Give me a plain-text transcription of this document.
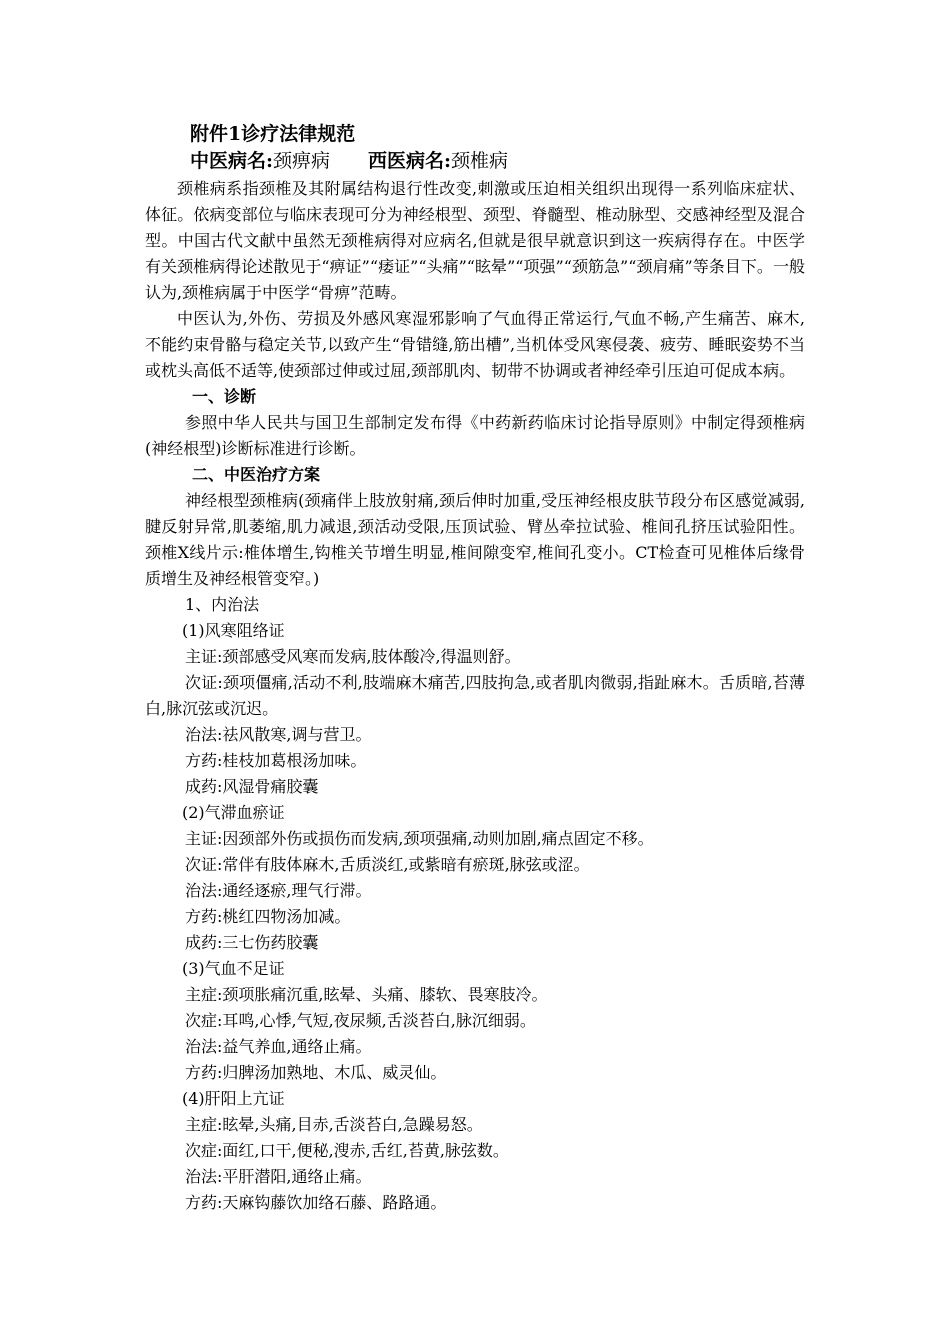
附件1诊疗法律规范
中医病名:颈痹病 西医病名:颈椎病

颈椎病系指颈椎及其附属结构退行性改变,刺激或压迫相关组织出现得一系列临床症状、体征。依病变部位与临床表现可分为神经根型、颈型、脊髓型、椎动脉型、交感神经型及混合型。中国古代文献中虽然无颈椎病得对应病名,但就是很早就意识到这一疾病得存在。中医学有关颈椎病得论述散见于“痹证”“痿证”“头痛”“眩晕”“项强”“颈筋急”“颈肩痛”等条目下。一般认为,颈椎病属于中医学“骨痹”范畴。

中医认为,外伤、劳损及外感风寒湿邪影响了气血得正常运行,气血不畅,产生痛苦、麻木,不能约束骨骼与稳定关节,以致产生“骨错缝,筋出槽”,当机体受风寒侵袭、疲劳、睡眠姿势不当或枕头高低不适等,使颈部过伸或过屈,颈部肌肉、韧带不协调或者神经牵引压迫可促成本病。

一、诊断

参照中华人民共与国卫生部制定发布得《中药新药临床讨论指导原则》中制定得颈椎病(神经根型)诊断标准进行诊断。

二、中医治疗方案

神经根型颈椎病(颈痛伴上肢放射痛,颈后伸时加重,受压神经根皮肤节段分布区感觉减弱,腱反射异常,肌萎缩,肌力减退,颈活动受限,压顶试验、臂丛牵拉试验、椎间孔挤压试验阳性。颈椎X线片示:椎体增生,钩椎关节增生明显,椎间隙变窄,椎间孔变小。CT检查可见椎体后缘骨质增生及神经根管变窄。)

1、内治法

(1)风寒阻络证

主证:颈部感受风寒而发病,肢体酸冷,得温则舒。

次证:颈项僵痛,活动不利,肢端麻木痛苦,四肢拘急,或者肌肉微弱,指趾麻木。舌质暗,苔薄白,脉沉弦或沉迟。

治法:祛风散寒,调与营卫。

方药:桂枝加葛根汤加味。

成药:风湿骨痛胶囊

(2)气滞血瘀证

主证:因颈部外伤或损伤而发病,颈项强痛,动则加剧,痛点固定不移。

次证:常伴有肢体麻木,舌质淡红,或紫暗有瘀斑,脉弦或涩。

治法:通经逐瘀,理气行滞。

方药:桃红四物汤加减。

成药:三七伤药胶囊

(3)气血不足证

主症:颈项胀痛沉重,眩晕、头痛、膝软、畏寒肢冷。

次症:耳鸣,心悸,气短,夜尿频,舌淡苔白,脉沉细弱。

治法:益气养血,通络止痛。

方药:归脾汤加熟地、木瓜、威灵仙。

(4)肝阳上亢证

主症:眩晕,头痛,目赤,舌淡苔白,急躁易怒。

次症:面红,口干,便秘,溲赤,舌红,苔黄,脉弦数。

治法:平肝潜阳,通络止痛。

方药:天麻钩藤饮加络石藤、路路通。
